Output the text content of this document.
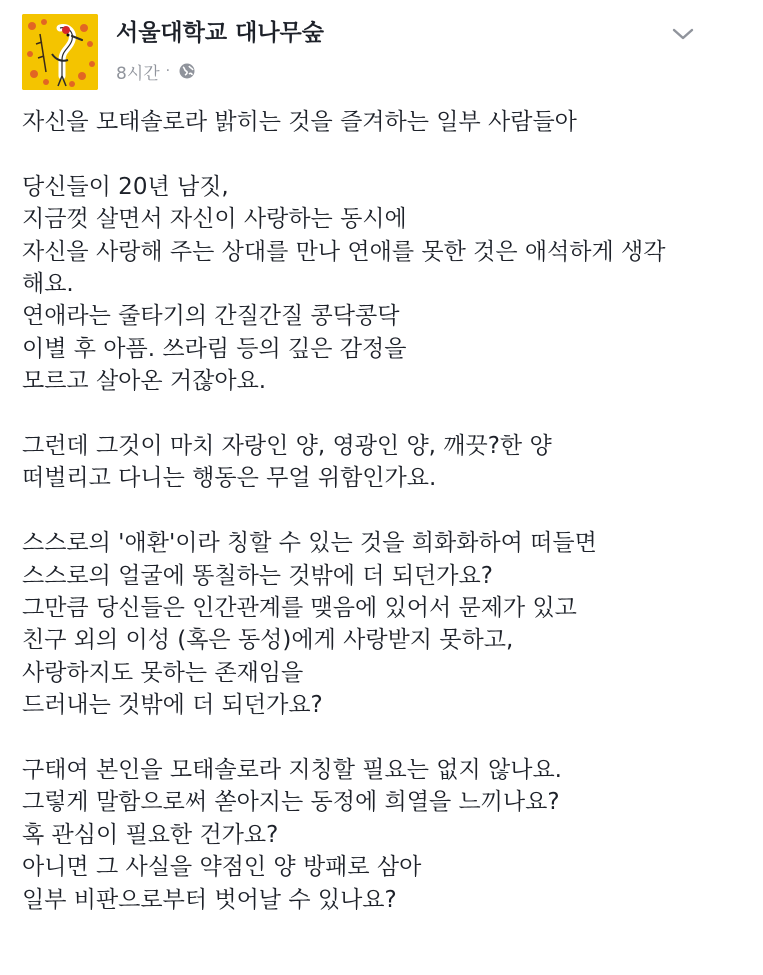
서울대학교 대나무숲
8시간 ·

자신을 모태솔로라 밝히는 것을 즐겨하는 일부 사람들아

당신들이 20년 남짓,
지금껏 살면서 자신이 사랑하는 동시에
자신을 사랑해 주는 상대를 만나 연애를 못한 것은 애석하게 생각
해요.
연애라는 줄타기의 간질간질 콩닥콩닥
이별 후 아픔. 쓰라림 등의 깊은 감정을
모르고 살아온 거잖아요.

그런데 그것이 마치 자랑인 양, 영광인 양, 깨끗?한 양
떠벌리고 다니는 행동은 무얼 위함인가요.

스스로의 '애환'이라 칭할 수 있는 것을 희화화하여 떠들면
스스로의 얼굴에 똥칠하는 것밖에 더 되던가요?
그만큼 당신들은 인간관계를 맺음에 있어서 문제가 있고
친구 외의 이성 (혹은 동성)에게 사랑받지 못하고,
사랑하지도 못하는 존재임을
드러내는 것밖에 더 되던가요?

구태여 본인을 모태솔로라 지칭할 필요는 없지 않나요.
그렇게 말함으로써 쏟아지는 동정에 희열을 느끼나요?
혹 관심이 필요한 건가요?
아니면 그 사실을 약점인 양 방패로 삼아
일부 비판으로부터 벗어날 수 있나요?
